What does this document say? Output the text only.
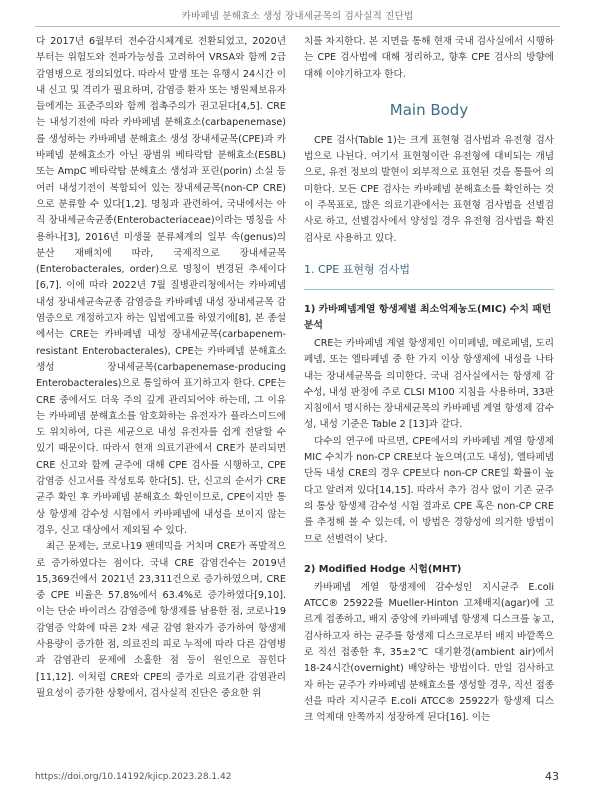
카바페넴 분해효소 생성 장내세균목의 검사실적 진단법

다 2017년 6월부터 전수감시체계로 전환되었고, 2020년 부터는 위험도와 전파가능성을 고려하여 VRSA와 함께 2급 감염병으로 정의되었다. 따라서 발생 또는 유행시 24시간 이내 신고 및 격리가 필요하며, 감염증 환자 또는 병원체보유자들에게는 표준주의와 함께 접촉주의가 권고된다[4,5]. CRE는 내성기전에 따라 카바페넴 분해효소(carbapenemase)를 생성하는 카바페넴 분해효소 생성 장내세균목(CPE)과 카바페넴 분해효소가 아닌 광범위 베타락탐 분해효소(ESBL) 또는 AmpC 베타락탐 분해효소 생성과 포린(porin) 소실 등 여러 내성기전이 복합되어 있는 장내세균목(non-CP CRE)으로 분류할 수 있다[1,2]. 명칭과 관련하여, 국내에서는 아직 장내세균속균종(Enterobacteriaceae)이라는 명칭을 사용하나[3], 2016년 미생물 분류체계의 일부 속(genus)의 분산 재배치에 따라, 국제적으로 장내세균목(Enterobacterales, order)으로 명칭이 변경된 추세이다[6,7]. 이에 따라 2022년 7월 질병관리청에서는 카바페넴 내성 장내세균속균종 감염증을 카바페넴 내성 장내세균목 감염증으로 개정하고자 하는 입법예고를 하였기에[8], 본 종설에서는 CRE는 카바페넴 내성 장내세균목(carbapenem-resistant Enterobacterales), CPE는 카바페넴 분해효소 생성 장내세균목(carbapenemase-producing Enterobacterales)으로 통일하여 표기하고자 한다. CPE는 CRE 중에서도 더욱 주의 깊게 관리되어야 하는데, 그 이유는 카바페넴 분해효소를 암호화하는 유전자가 플라스미드에도 위치하여, 다른 세균으로 내성 유전자를 쉽게 전달할 수 있기 때문이다. 따라서 현재 의료기관에서 CRE가 분리되면 CRE 신고와 함께 균주에 대해 CPE 검사를 시행하고, CPE 감염증 신고서를 작성토록 한다[5]. 단, 신고의 순서가 CRE 균주 확인 후 카바페넴 분해효소 확인이므로, CPE이지만 통상 항생제 감수성 시험에서 카바페넴에 내성을 보이지 않는 경우, 신고 대상에서 제외될 수 있다.

최근 문제는, 코로나19 팬데믹을 거치며 CRE가 폭발적으로 증가하였다는 점이다. 국내 CRE 감염건수는 2019년 15,369건에서 2021년 23,311건으로 증가하였으며, CRE 중 CPE 비율은 57.8%에서 63.4%로 증가하였다[9,10]. 이는 단순 바이러스 감염증에 항생제를 남용한 점, 코로나19 감염증 악화에 따른 2차 세균 감염 환자가 증가하여 항생제 사용량이 증가한 점, 의료진의 피로 누적에 따라 다른 감염병과 감염관리 문제에 소홀한 점 등이 원인으로 꼽힌다[11,12]. 이처럼 CRE와 CPE의 증가로 의료기관 감염관리 필요성이 증가한 상황에서, 검사실적 진단은 중요한 위

치를 차지한다. 본 지면을 통해 현재 국내 검사실에서 시행하는 CPE 검사법에 대해 정리하고, 향후 CPE 검사의 방향에 대해 이야기하고자 한다.

Main Body

CPE 검사(Table 1)는 크게 표현형 검사법과 유전형 검사법으로 나뉜다. 여기서 표현형이란 유전형에 대비되는 개념으로, 유전 정보의 발현이 외부적으로 표현된 것을 통틀어 의미한다. 모든 CPE 검사는 카바페넴 분해효소를 확인하는 것이 주목표로, 많은 의료기관에서는 표현형 검사법을 선별검사로 하고, 선별검사에서 양성일 경우 유전형 검사법을 확진검사로 사용하고 있다.

1. CPE 표현형 검사법
1) 카바페넴계열 항생제별 최소억제농도(MIC) 수치 패턴 분석

CRE는 카바페넴 계열 항생제인 이미페넴, 메로페넴, 도리페넴, 또는 엘타페넴 중 한 가지 이상 항생제에 내성을 나타내는 장내세균목을 의미한다. 국내 검사실에서는 항생제 감수성, 내성 판정에 주로 CLSI M100 지침을 사용하며, 33판 지침에서 명시하는 장내세균목의 카바페넴 계열 항생제 감수성, 내성 기준은 Table 2 [13]과 같다.

다수의 연구에 따르면, CPE에서의 카바페넴 계열 항생제 MIC 수치가 non-CP CRE보다 높으며(고도 내성), 엘타페넴 단독 내성 CRE의 경우 CPE보다 non-CP CRE일 확률이 높다고 알려져 있다[14,15]. 따라서 추가 검사 없이 기존 균주의 통상 항생제 감수성 시험 결과로 CPE 혹은 non-CP CRE를 추정해 볼 수 있는데, 이 방법은 경향성에 의거한 방법이므로 선별력이 낮다.

2) Modified Hodge 시험(MHT)

카바페넴 계열 항생제에 감수성인 지시균주 E.coli ATCC® 25922를 Mueller-Hinton 고체배지(agar)에 고르게 접종하고, 배지 중앙에 카바페넴 항생제 디스크를 놓고, 검사하고자 하는 균주를 항생제 디스크로부터 배지 바깥쪽으로 직선 접종한 후, 35±2℃ 대기환경(ambient air)에서 18-24시간(overnight) 배양하는 방법이다. 만일 검사하고자 하는 균주가 카바페넴 분해효소를 생성할 경우, 직선 접종선을 따라 지시균주 E.coli ATCC® 25922가 항생제 디스크 억제대 안쪽까지 성장하게 된다[16]. 이는

https://doi.org/10.14192/kjicp.2023.28.1.42	43
